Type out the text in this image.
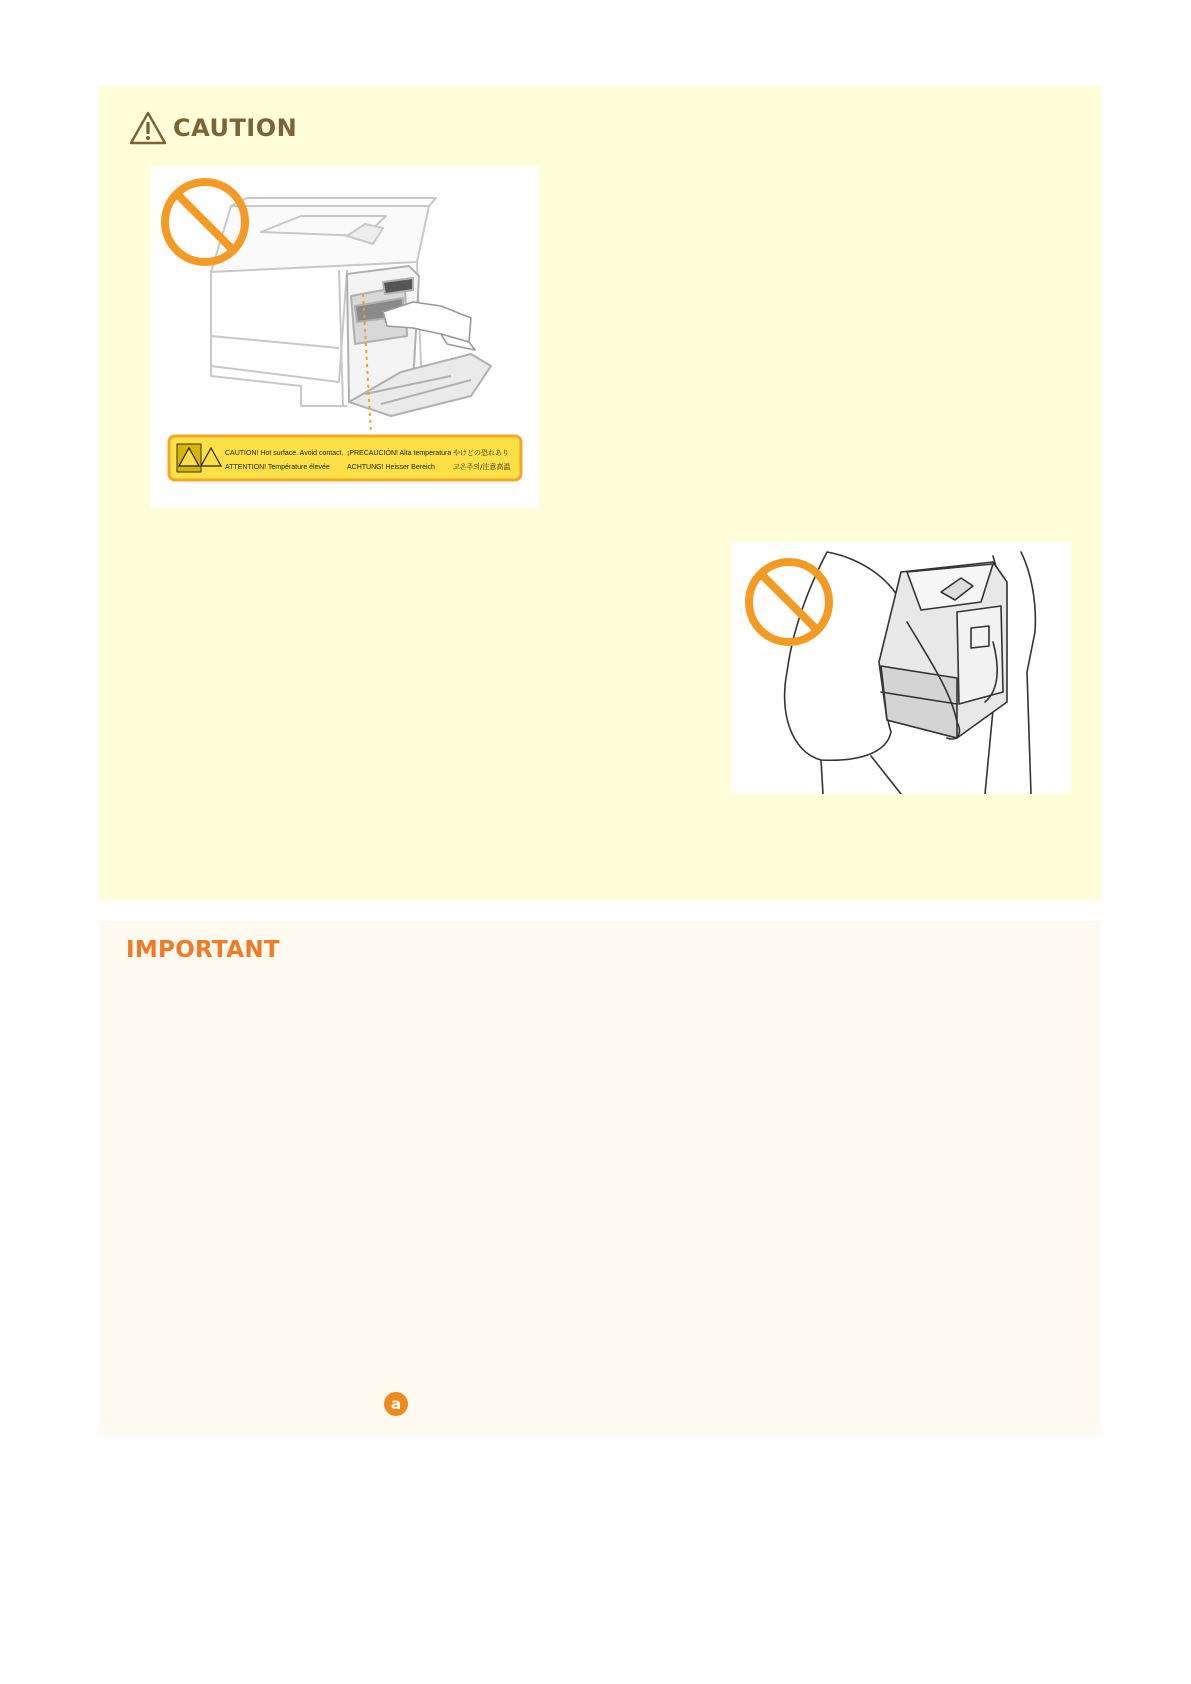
CAUTION
CAUTION! Hot surface. Avoid contact. ¡PRECAUCIÓN! Alta temperatura やけどの恐れあり
ATTENTION! Température élevée ACHTUNG! Heisser Bereich	고온주의/注意高温
IMPORTANT
a
